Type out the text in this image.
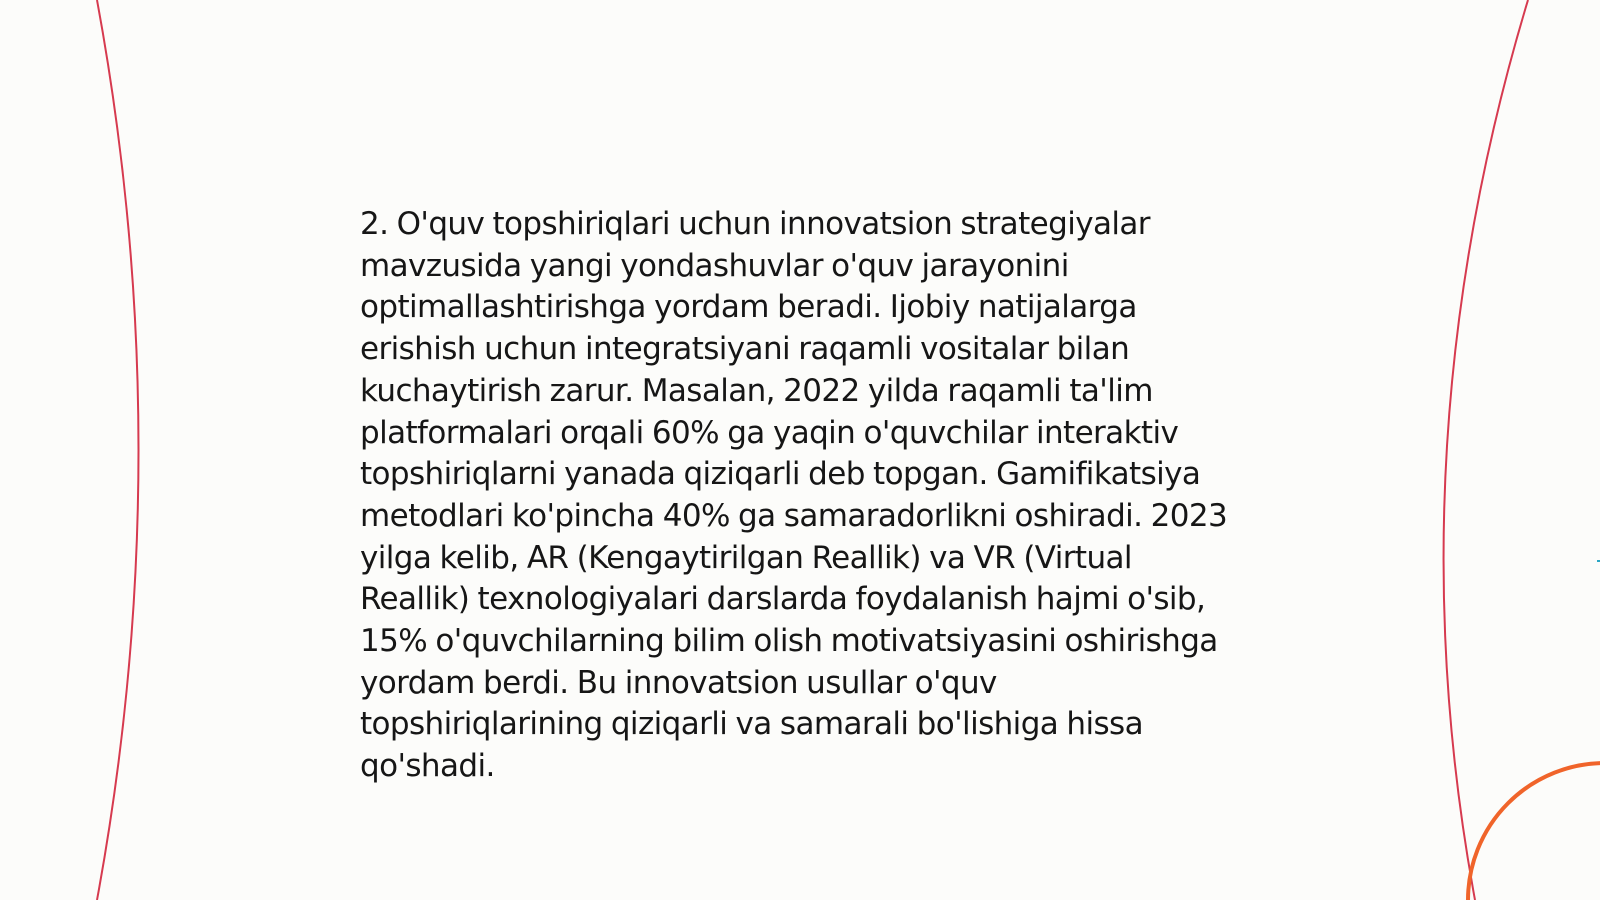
2. O'quv topshiriqlari uchun innovatsion strategiyalar mavzusida yangi yondashuvlar o'quv jarayonini optimallashtirishga yordam beradi. Ijobiy natijalarga erishish uchun integratsiyani raqamli vositalar bilan kuchaytirish zarur. Masalan, 2022 yilda raqamli ta'lim platformalari orqali 60% ga yaqin o'quvchilar interaktiv topshiriqlarni yanada qiziqarli deb topgan. Gamifikatsiya metodlari ko'pincha 40% ga samaradorlikni oshiradi. 2023 yilga kelib, AR (Kengaytirilgan Reallik) va VR (Virtual Reallik) texnologiyalari darslarda foydalanish hajmi o'sib, 15% o'quvchilarning bilim olish motivatsiyasini oshirishga yordam berdi. Bu innovatsion usullar o'quv topshiriqlarining qiziqarli va samarali bo'lishiga hissa qo'shadi.
